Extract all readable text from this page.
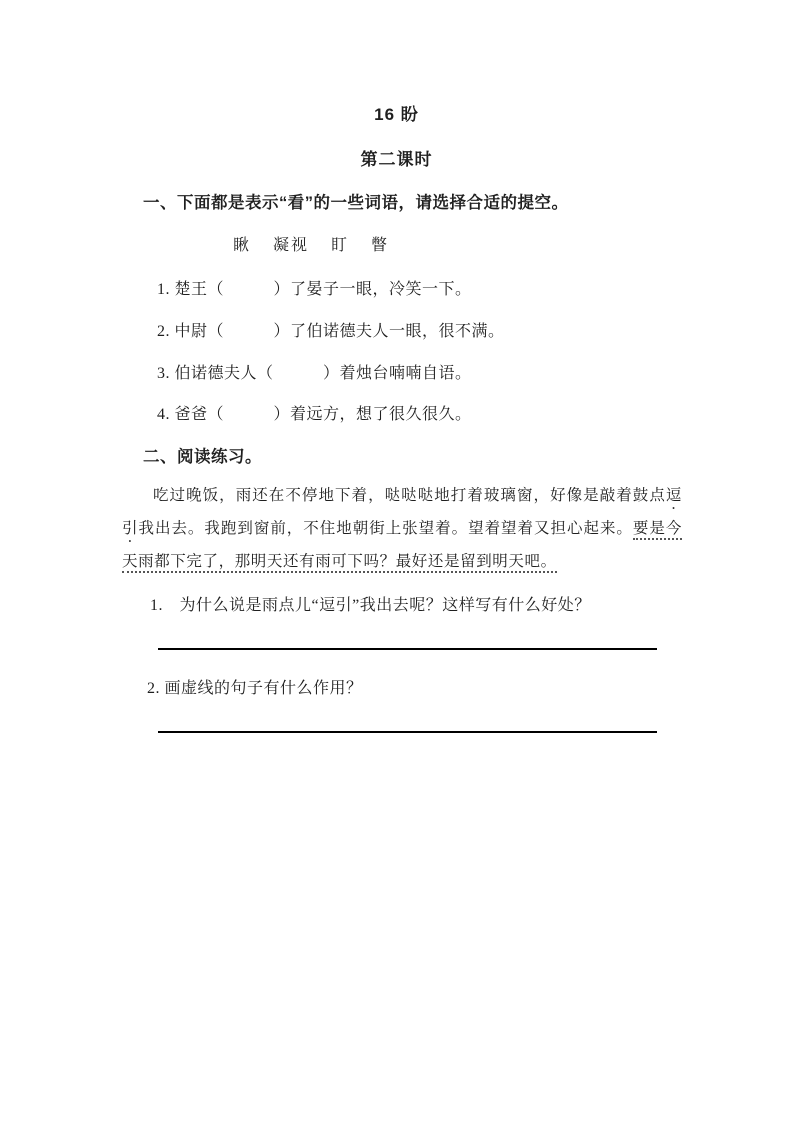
16 盼
第二课时
一、下面都是表示“看”的一些词语，请选择合适的提空。
瞅 凝视 盯 瞥
1. 楚王（　　　）了晏子一眼，冷笑一下。
2. 中尉（　　　）了伯诺德夫人一眼，很不满。
3. 伯诺德夫人（　　　）着烛台喃喃自语。
4. 爸爸（　　　）着远方，想了很久很久。
二、阅读练习。
吃过晚饭，雨还在不停地下着，哒哒哒地打着玻璃窗，好像是敲着鼓点逗引我出去。我跑到窗前，不住地朝街上张望着。望着望着又担心起来。要是今天雨都下完了，那明天还有雨可下吗？最好还是留到明天吧。
1.　为什么说是雨点儿“逗引”我出去呢？这样写有什么好处？
2. 画虚线的句子有什么作用？
